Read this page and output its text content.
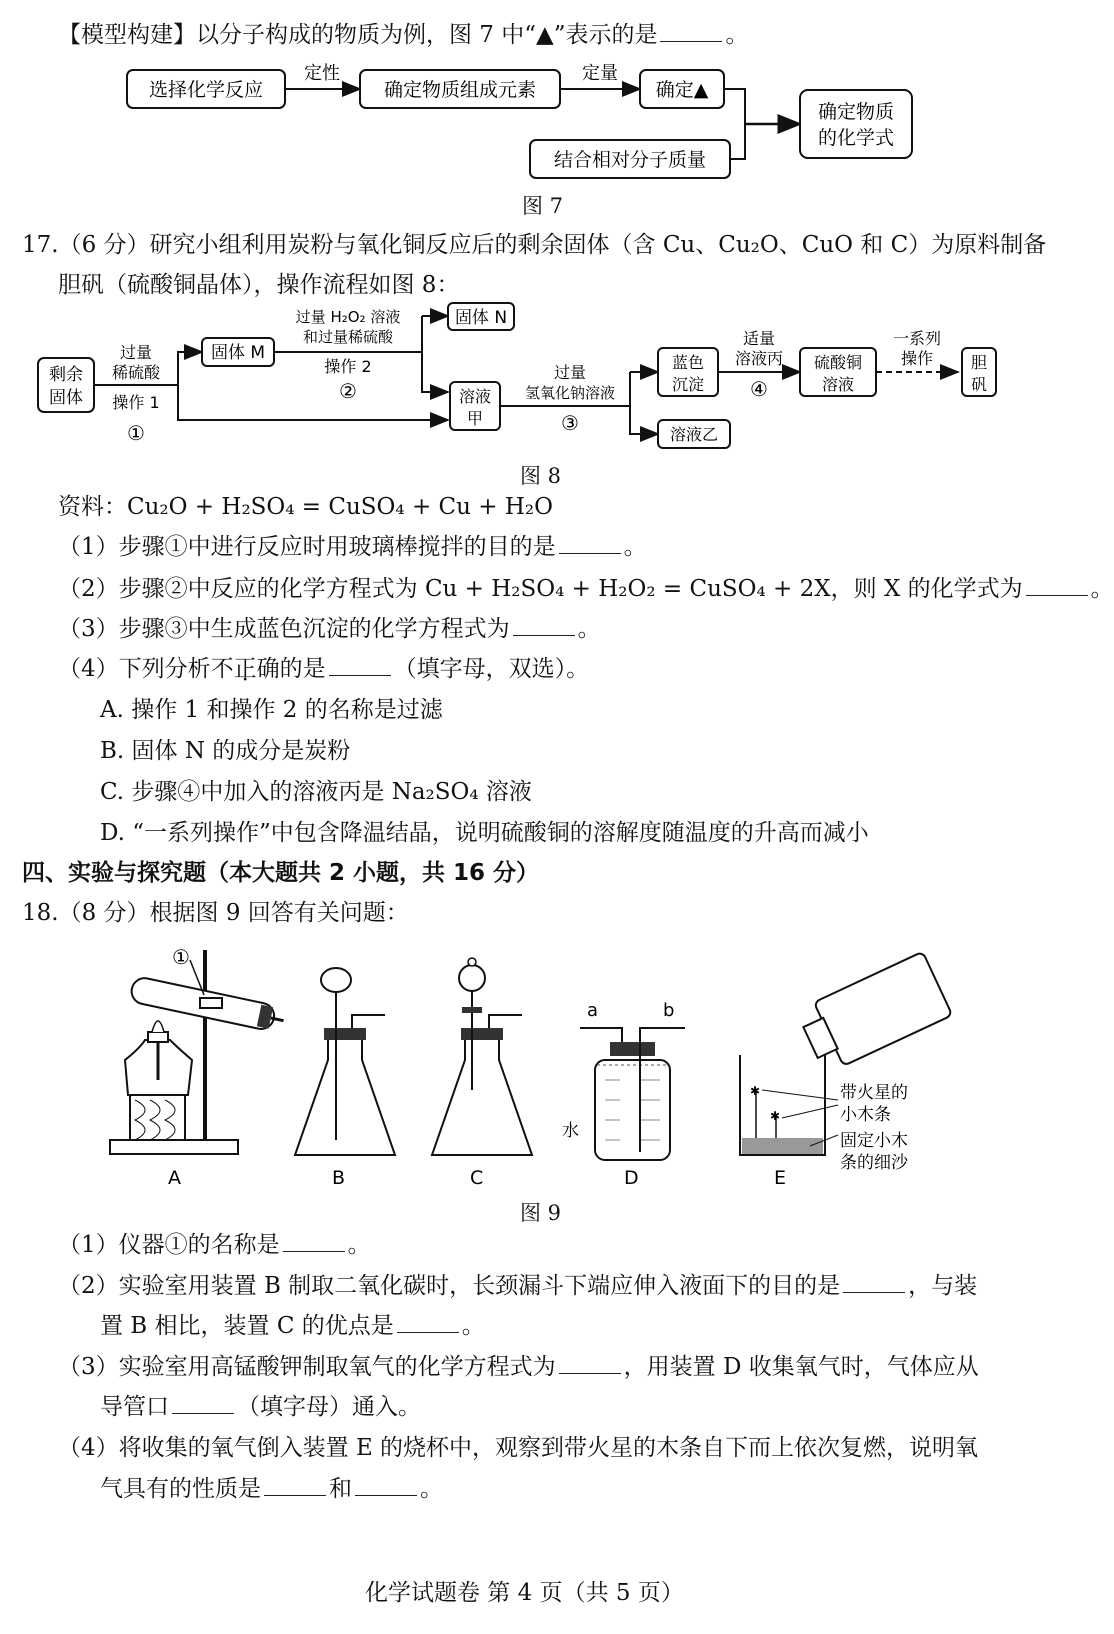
【模型构建】以分子构成的物质为例，图 7 中“▲”表示的是	。
选择化学反应
定性
确定物质组成元素
定量
确定▲
结合相对分子质量
确定物质
的化学式
图 7
17.（6 分）研究小组利用炭粉与氧化铜反应后的剩余固体（含 Cu、Cu₂O、CuO 和 C）为原料制备
胆矾（硫酸铜晶体），操作流程如图 8：
剩余
固体
过量
稀硫酸
操作 1
①
固体 M
过量 H₂O₂ 溶液
和过量稀硫酸
操作 2
②
固体 N
溶液
甲
过量
氢氧化钠溶液
③
蓝色
沉淀
溶液乙
适量
溶液丙
④
硫酸铜
溶液
一系列
操作 胆
矾
图 8
资料：Cu₂O + H₂SO₄ = CuSO₄ + Cu + H₂O
（1）步骤①中进行反应时用玻璃棒搅拌的目的是	。
（2）步骤②中反应的化学方程式为 Cu + H₂SO₄ + H₂O₂ = CuSO₄ + 2X，则 X 的化学式为	。
（3）步骤③中生成蓝色沉淀的化学方程式为	。
（4）下列分析不正确的是	（填字母，双选）。
A. 操作 1 和操作 2 的名称是过滤
B. 固体 N 的成分是炭粉
C. 步骤④中加入的溶液丙是 Na₂SO₄ 溶液
D. “一系列操作”中包含降温结晶，说明硫酸铜的溶解度随温度的升高而减小
四、实验与探究题（本大题共 2 小题，共 16 分）
18.（8 分）根据图 9 回答有关问题：
①
A	B	C
a	b
水
D
✱
✱
带火星的
小木条
固定小木
条的细沙
E
图 9
（1）仪器①的名称是	。
（2）实验室用装置 B 制取二氧化碳时，长颈漏斗下端应伸入液面下的目的是	，与装
置 B 相比，装置 C 的优点是	。
（3）实验室用高锰酸钾制取氧气的化学方程式为	，用装置 D 收集氧气时，气体应从
导管口	（填字母）通入。
（4）将收集的氧气倒入装置 E 的烧杯中，观察到带火星的木条自下而上依次复燃，说明氧
气具有的性质是	和	。
化学试题卷 第 4 页（共 5 页）
